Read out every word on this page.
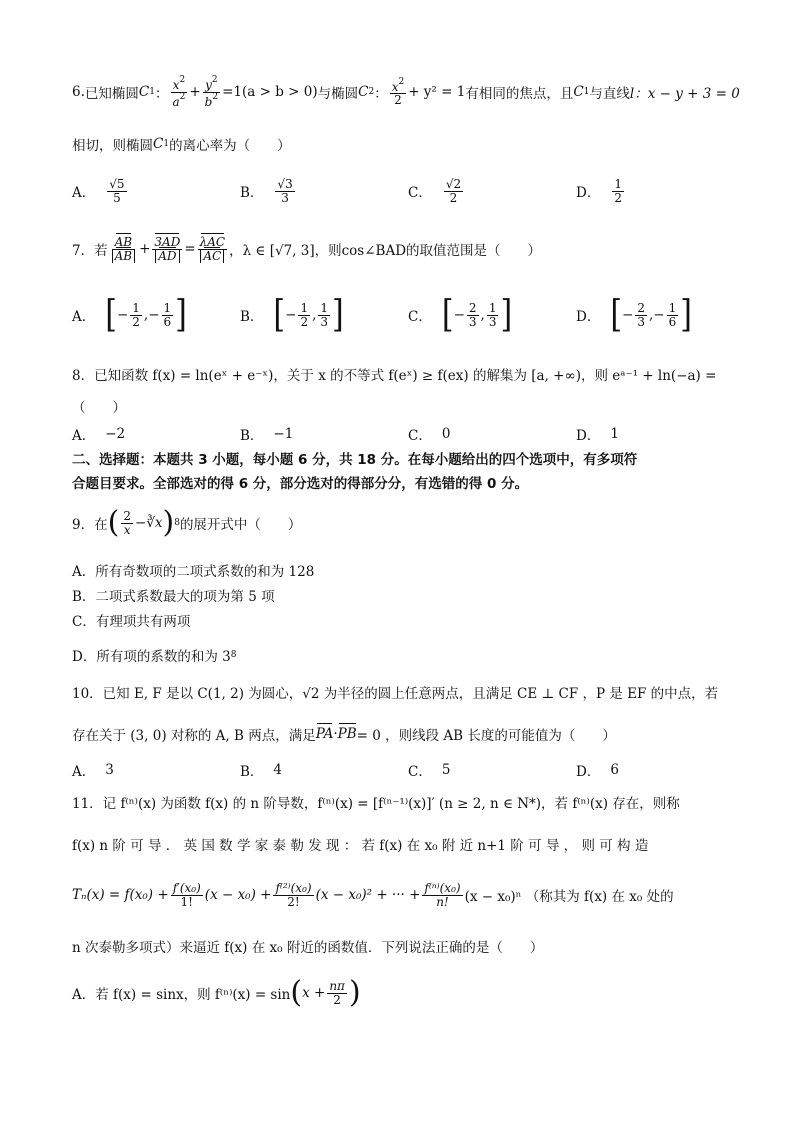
6. 已知椭圆 C 1 ： $\frac{x^2}{a^2} + \frac{y^2}{b^2} =1(a > b > 0)$ 与椭圆 C 2 ： $\frac{x^2}{2} + y^2 = 1$ 有相同的焦点，且 C 1 与直线 l：x − y + 3 = 0
相切，则椭圆 C 1 的离心率为（　　）
A． $\frac{√5}{5}$	B． $\frac{√3}{3}$	C． $\frac{√2}{2}$	D． $\frac{1}{2}$
7．若 $\frac{AB}{AB} + \frac{3AD}{AD} = \frac{\text{λAC}}{AC}$ ，λ ∈ [√7, 3] ，则cos∠BAD的取值范围是（　　）
A． [ − $\frac{1}{2}$ , − $\frac{1}{6}$ ]	B． [ − $\frac{1}{2}$ , $\frac{1}{3}$ ]	C． [ − $\frac{2}{3}$ , $\frac{1}{3}$ ]	D． [ − $\frac{2}{3}$ , − $\frac{1}{6}$ ]
8．已知函数 f(x) = ln(eˣ + e⁻ˣ)，关于 x 的不等式 f(eˣ) ≥ f(ex) 的解集为 [a, +∞)，则 eᵃ⁻¹ + ln(−a) =
（　　）
A． −2	B． −1	C． 0	D． 1
二、选择题：本题共 3 小题，每小题 6 分，共 18 分。在每小题给出的四个选项中，有多项符
合题目要求。全部选对的得 6 分，部分选对的得部分分，有选错的得 0 分。
9．在 ( $\frac{2}{x}$ − ∛x ) 8 的展开式中（　　）
A．所有奇数项的二项式系数的和为 128
B．二项式系数最大的项为第 5 项
C．有理项共有两项
D．所有项的系数的和为 3 8
10．已知 E, F 是以 C(1, 2) 为圆心，√2 为半径的圆上任意两点，且满足 CE ⊥ CF ，P 是 EF 的中点，若
存在关于 (3, 0) 对称的 A, B 两点，满足 PA · PB = 0 ，则线段 AB 长度的可能值为（　　）
A． 3	B． 4	C． 5	D． 6
11．记 f⁽ⁿ⁾(x) 为函数 f(x) 的 n 阶导数，f⁽ⁿ⁾(x) = [f⁽ⁿ⁻¹⁾(x)]′ (n ≥ 2, n ∈ N*)，若 f⁽ⁿ⁾(x) 存在，则称
f(x) n 阶 可 导 ． 英 国 数 学 家 泰 勒 发 现 ： 若 f(x) 在 x₀ 附 近 n+1 阶 可 导 ， 则 可 构 造
$T_n(x) = f(x_0) + \frac{\text{f′(x₀)}}{1!} (x - x_0) + \frac{\text{f⁽²⁾(x₀)}}{2!} (x - x_0)^2$ + ··· + $\frac{\text{f⁽ⁿ⁾(x₀)}}{n!} (x - x_0)^n$ （称其为 f(x) 在 x₀ 处的
n 次泰勒多项式）来逼近 f(x) 在 x₀ 附近的函数值．下列说法正确的是（　　）
A．若 f(x) = sinx，则 f⁽ⁿ⁾(x) = sin ( $x + \frac{n\pi}{2}$ )
